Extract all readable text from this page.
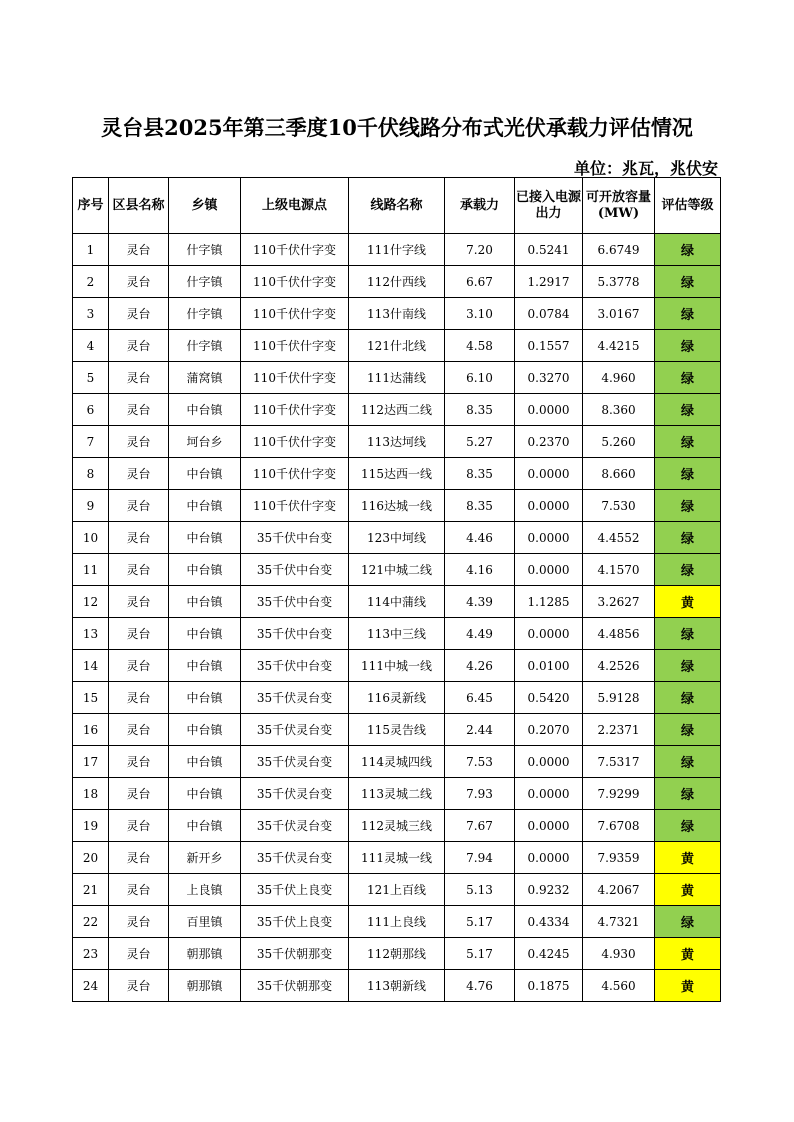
灵台县2025年第三季度10千伏线路分布式光伏承载力评估情况
单位：兆瓦，兆伏安
序号	区县名称	乡镇	上级电源点	线路名称	承载力	已接入电源出力	可开放容量(MW)	评估等级
1	灵台	什字镇	110千伏什字变	111什字线	7.20	0.5241	6.6749	绿
2	灵台	什字镇	110千伏什字变	112什西线	6.67	1.2917	5.3778	绿
3	灵台	什字镇	110千伏什字变	113什南线	3.10	0.0784	3.0167	绿
4	灵台	什字镇	110千伏什字变	121什北线	4.58	0.1557	4.4215	绿
5	灵台	蒲窝镇	110千伏什字变	111达蒲线	6.10	0.3270	4.960	绿
6	灵台	中台镇	110千伏什字变	112达西二线	8.35	0.0000	8.360	绿
7	灵台	坷台乡	110千伏什字变	113达坷线	5.27	0.2370	5.260	绿
8	灵台	中台镇	110千伏什字变	115达西一线	8.35	0.0000	8.660	绿
9	灵台	中台镇	110千伏什字变	116达城一线	8.35	0.0000	7.530	绿
10	灵台	中台镇	35千伏中台变	123中坷线	4.46	0.0000	4.4552	绿
11	灵台	中台镇	35千伏中台变	121中城二线	4.16	0.0000	4.1570	绿
12	灵台	中台镇	35千伏中台变	114中蒲线	4.39	1.1285	3.2627	黄
13	灵台	中台镇	35千伏中台变	113中三线	4.49	0.0000	4.4856	绿
14	灵台	中台镇	35千伏中台变	111中城一线	4.26	0.0100	4.2526	绿
15	灵台	中台镇	35千伏灵台变	116灵新线	6.45	0.5420	5.9128	绿
16	灵台	中台镇	35千伏灵台变	115灵告线	2.44	0.2070	2.2371	绿
17	灵台	中台镇	35千伏灵台变	114灵城四线	7.53	0.0000	7.5317	绿
18	灵台	中台镇	35千伏灵台变	113灵城二线	7.93	0.0000	7.9299	绿
19	灵台	中台镇	35千伏灵台变	112灵城三线	7.67	0.0000	7.6708	绿
20	灵台	新开乡	35千伏灵台变	111灵城一线	7.94	0.0000	7.9359	黄
21	灵台	上良镇	35千伏上良变	121上百线	5.13	0.9232	4.2067	黄
22	灵台	百里镇	35千伏上良变	111上良线	5.17	0.4334	4.7321	绿
23	灵台	朝那镇	35千伏朝那变	112朝那线	5.17	0.4245	4.930	黄
24	灵台	朝那镇	35千伏朝那变	113朝新线	4.76	0.1875	4.560	黄
